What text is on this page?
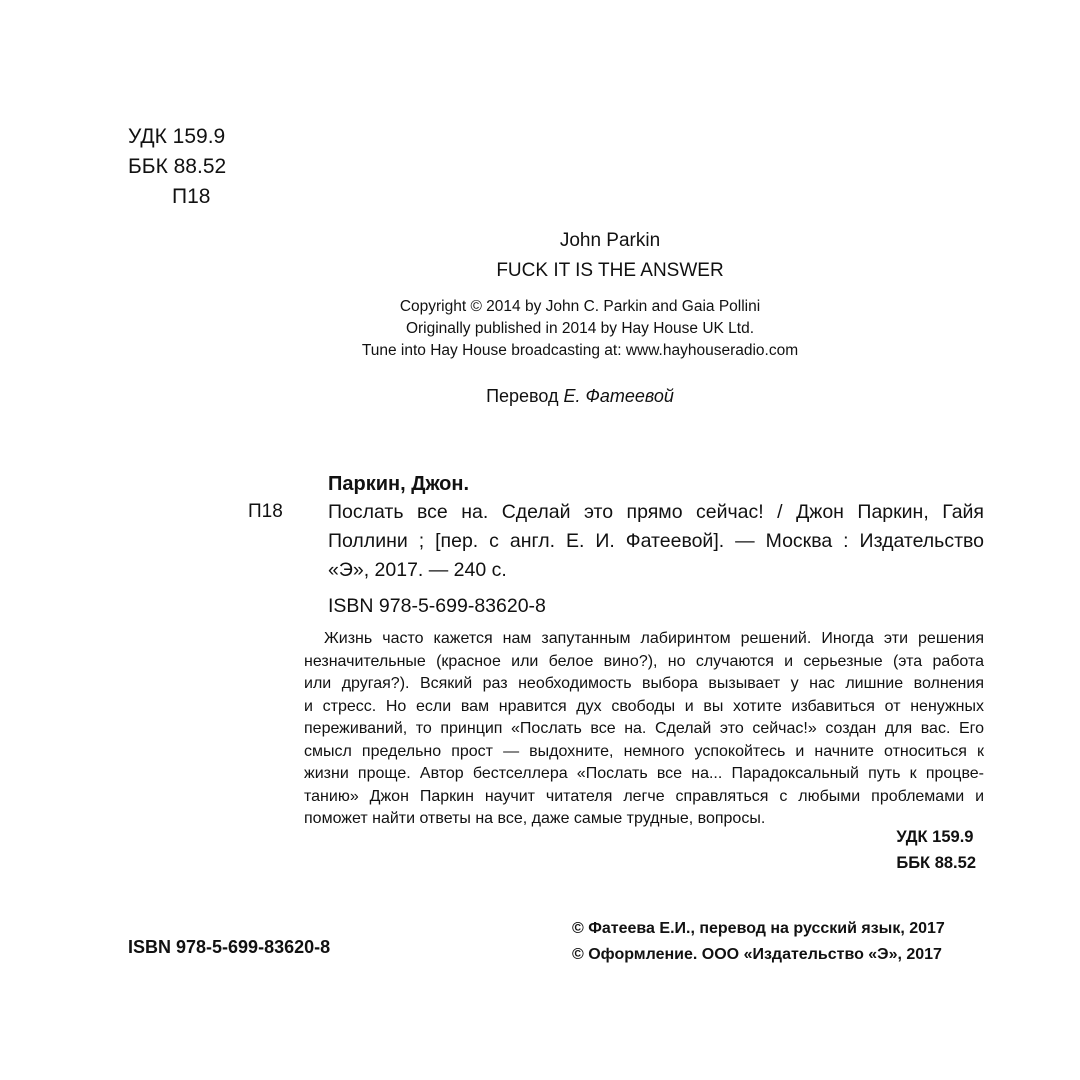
УДК 159.9
ББК 88.52
П18
John Parkin
FUCK IT IS THE ANSWER
Copyright © 2014 by John C. Parkin and Gaia Pollini
Originally published in 2014 by Hay House UK Ltd.
Tune into Hay House broadcasting at: www.hayhouseradio.com
Перевод Е. Фатеевой
Паркин, Джон.
П18 Послать все на. Сделай это прямо сейчас! / Джон Паркин, Гайя
Поллини ; [пер. с англ. Е. И. Фатеевой]. — Москва : Издательство
«Э», 2017. — 240 с.
ISBN 978-5-699-83620-8
Жизнь часто кажется нам запутанным лабиринтом решений. Иногда эти решения
незначительные (красное или белое вино?), но случаются и серьезные (эта работа
или другая?). Всякий раз необходимость выбора вызывает у нас лишние волнения
и стресс. Но если вам нравится дух свободы и вы хотите избавиться от ненужных
переживаний, то принцип «Послать все на. Сделай это сейчас!» создан для вас. Его
смысл предельно прост — выдохните, немного успокойтесь и начните относиться к
жизни проще. Автор бестселлера «Послать все на... Парадоксальный путь к процве-
танию» Джон Паркин научит читателя легче справляться с любыми проблемами и
поможет найти ответы на все, даже самые трудные, вопросы.
УДК 159.9
ББК 88.52
ISBN 978-5-699-83620-8
© Фатеева Е.И., перевод на русский язык, 2017
© Оформление. ООО «Издательство «Э», 2017
